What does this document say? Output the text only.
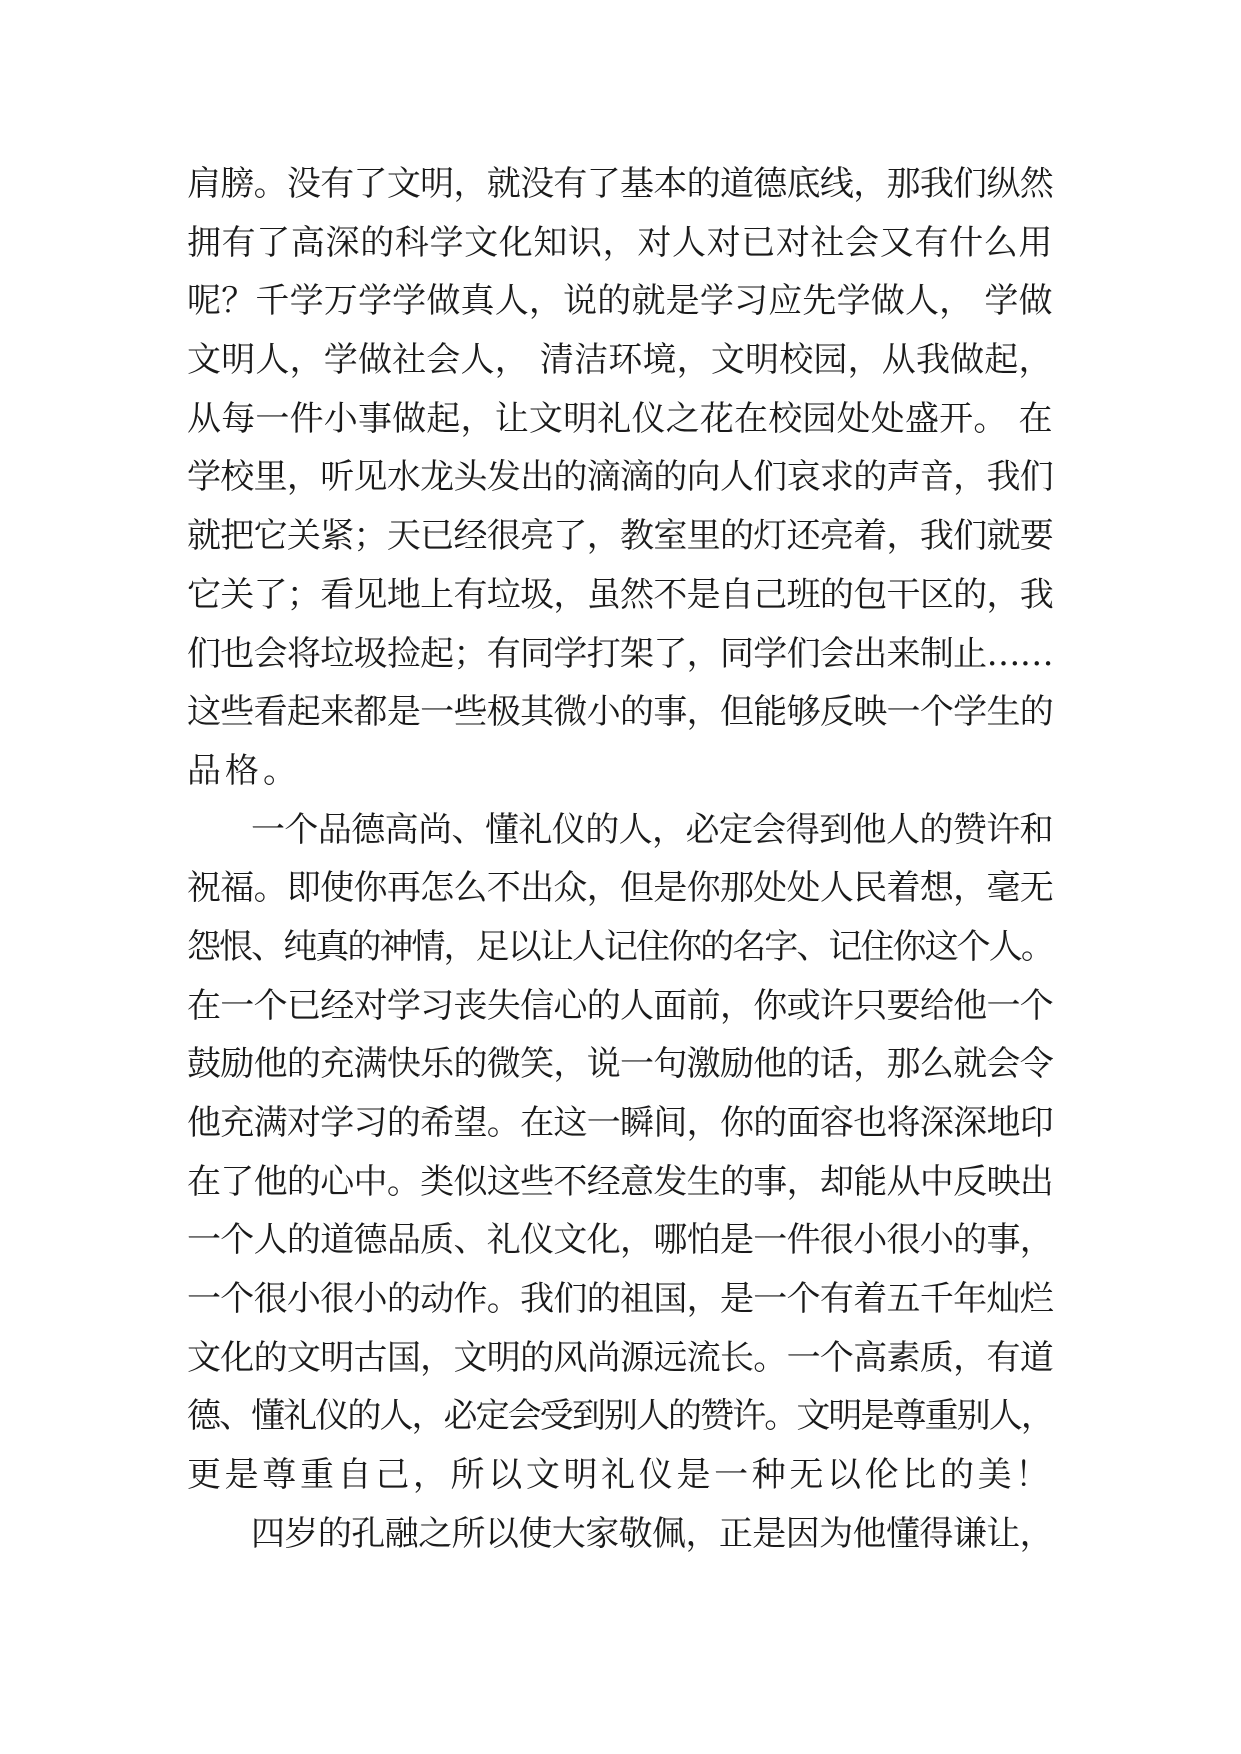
肩膀。没有了文明，就没有了基本的道德底线，那我们纵然
拥有了高深的科学文化知识，对人对已对社会又有什么用
呢？千学万学学做真人，说的就是学习应先学做人， 学做
文明人，学做社会人， 清洁环境，文明校园，从我做起，
从每一件小事做起，让文明礼仪之花在校园处处盛开。 在
学校里，听见水龙头发出的滴滴的向人们哀求的声音，我们
就把它关紧；天已经很亮了，教室里的灯还亮着，我们就要
它关了；看见地上有垃圾，虽然不是自己班的包干区的，我
们也会将垃圾捡起；有同学打架了，同学们会出来制止……
这些看起来都是一些极其微小的事，但能够反映一个学生的
品格。
一个品德高尚、懂礼仪的人，必定会得到他人的赞许和
祝福。即使你再怎么不出众，但是你那处处人民着想，毫无
怨恨、纯真的神情，足以让人记住你的名字、记住你这个人。
在一个已经对学习丧失信心的人面前，你或许只要给他一个
鼓励他的充满快乐的微笑，说一句激励他的话，那么就会令
他充满对学习的希望。在这一瞬间，你的面容也将深深地印
在了他的心中。类似这些不经意发生的事，却能从中反映出
一个人的道德品质、礼仪文化，哪怕是一件很小很小的事，
一个很小很小的动作。我们的祖国，是一个有着五千年灿烂
文化的文明古国，文明的风尚源远流长。一个高素质，有道
德、懂礼仪的人，必定会受到别人的赞许。文明是尊重别人，
更是尊重自己，所以文明礼仪是一种无以伦比的美！
四岁的孔融之所以使大家敬佩，正是因为他懂得谦让，
